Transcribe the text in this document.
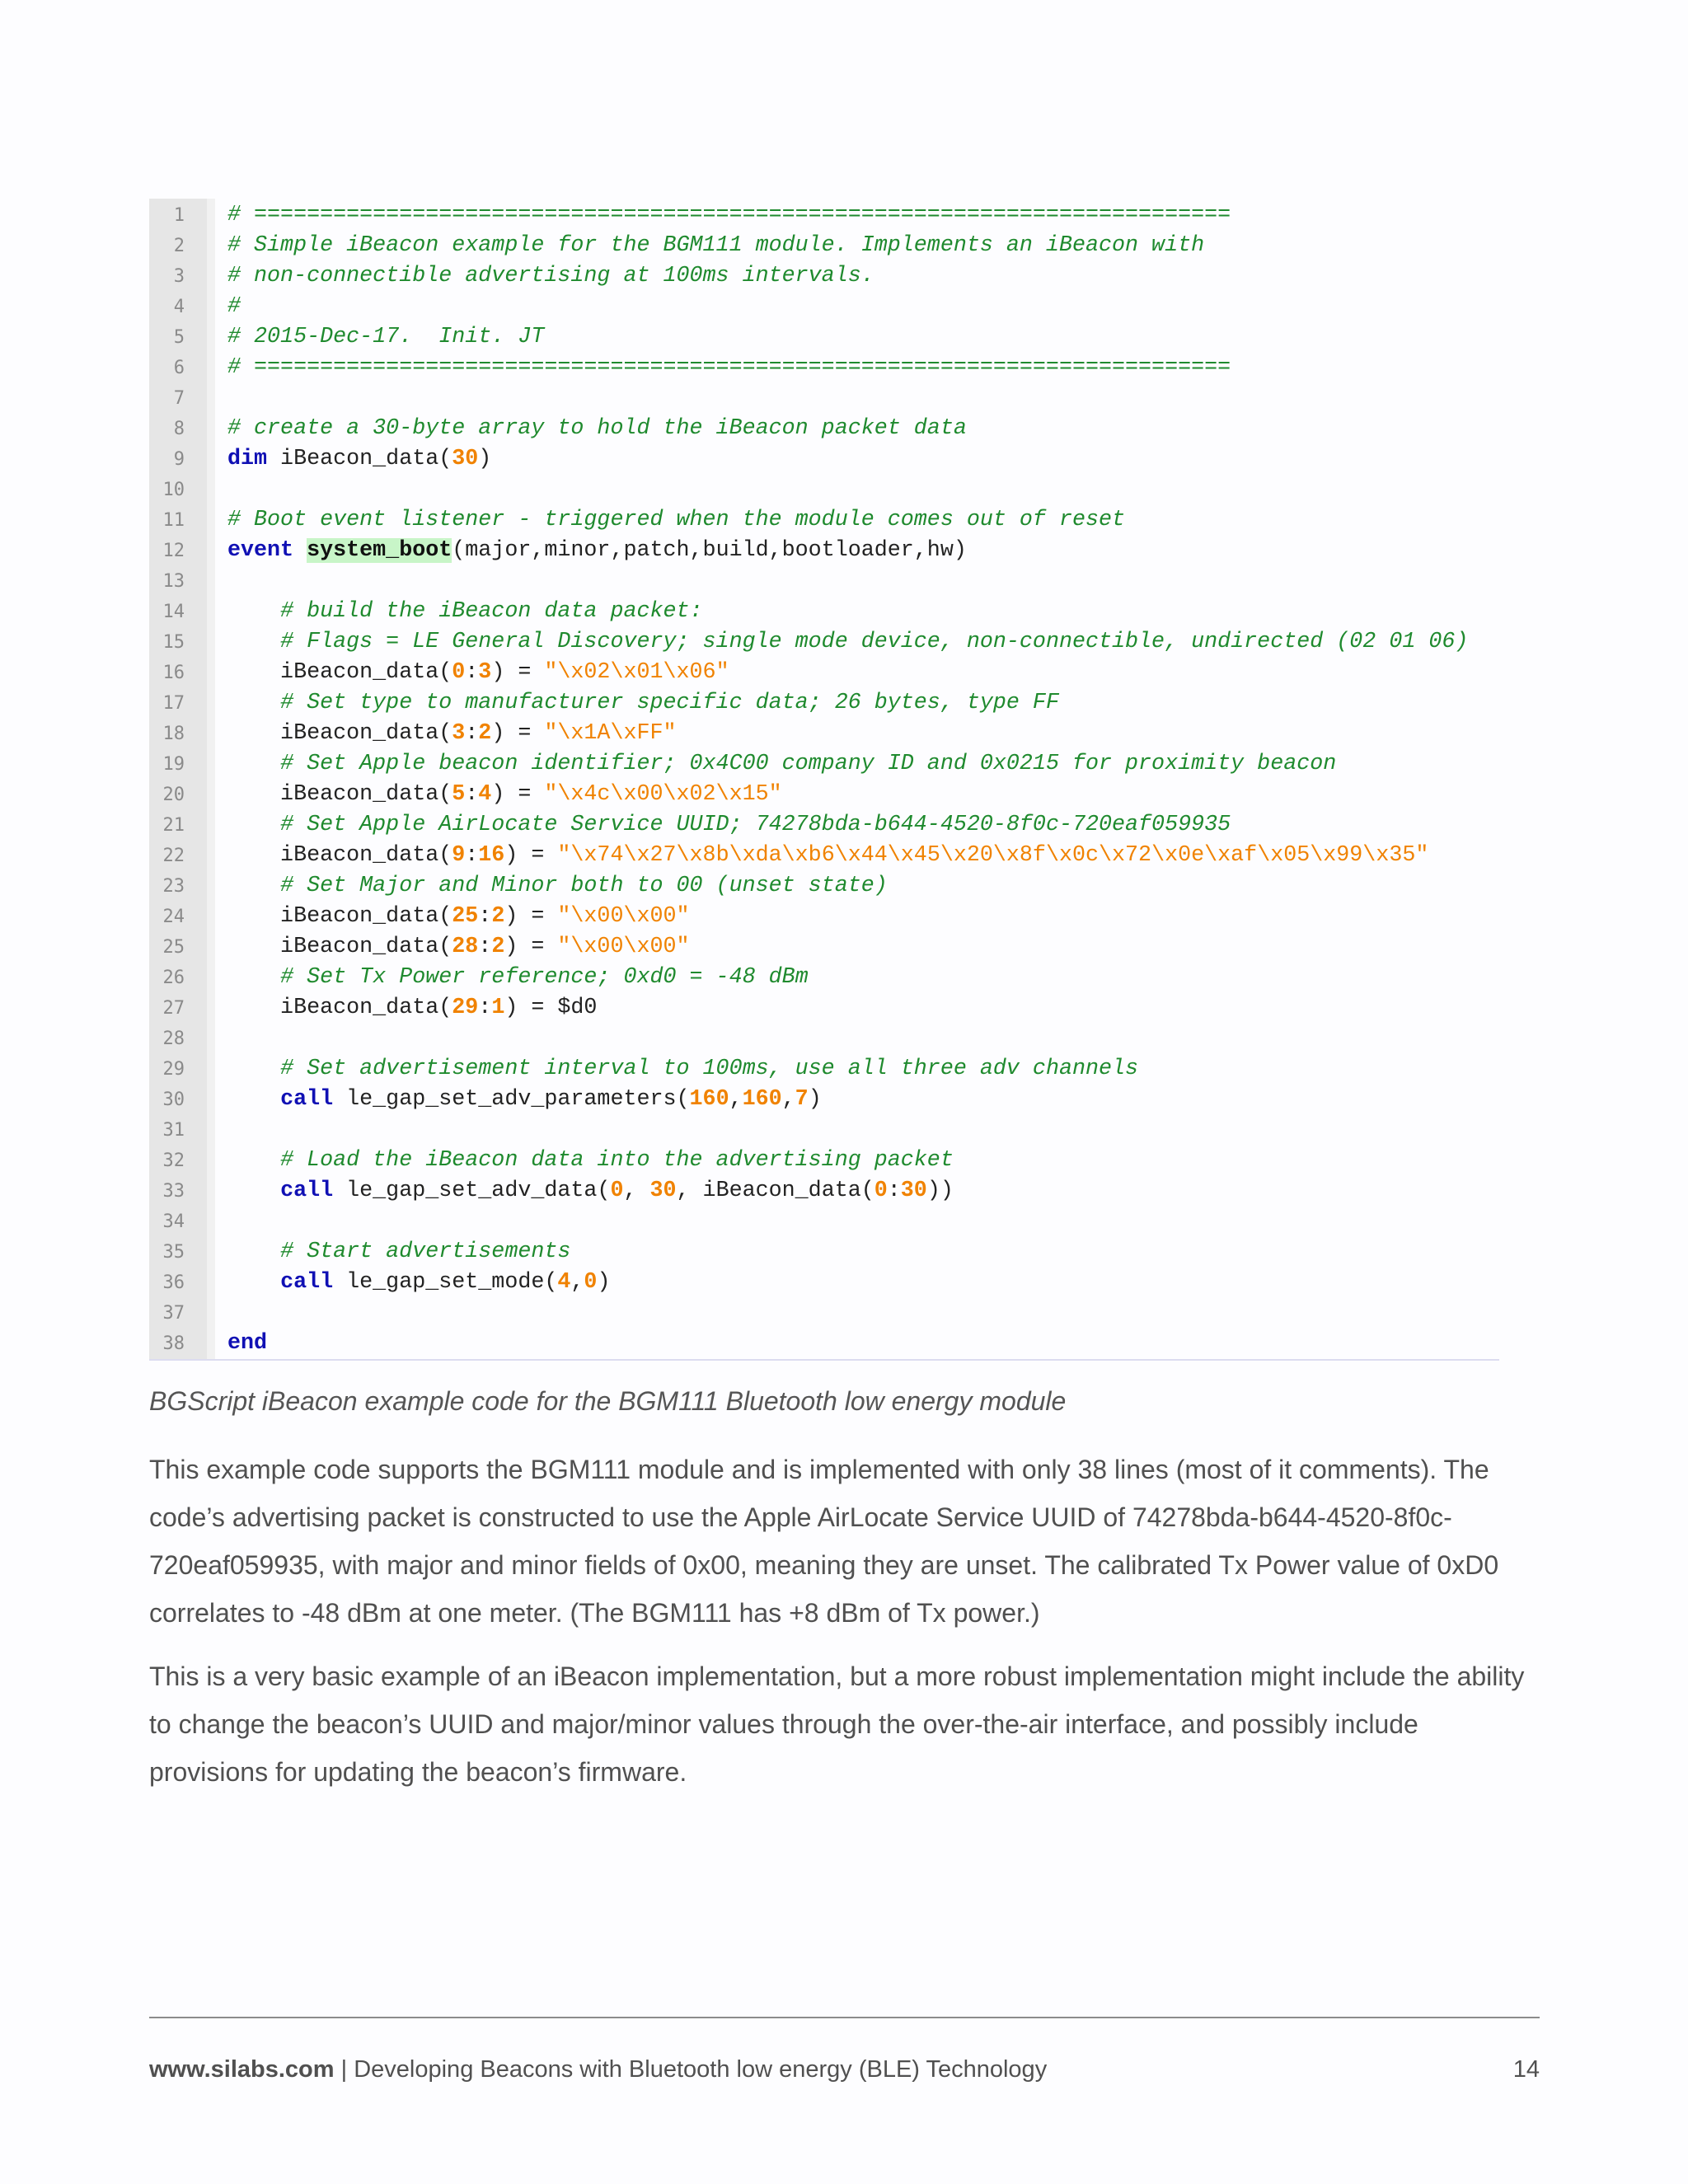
1 # ==========================================================================
2 # Simple iBeacon example for the BGM111 module. Implements an iBeacon with
3 # non-connectible advertising at 100ms intervals.
4 #
5 # 2015-Dec-17.  Init. JT
6 # ==========================================================================
7
8 # create a 30-byte array to hold the iBeacon packet data
9 dim iBeacon_data(30)
10
11 # Boot event listener - triggered when the module comes out of reset
12 event system_boot(major,minor,patch,build,bootloader,hw)
13
14	# build the iBeacon data packet:
15	# Flags = LE General Discovery; single mode device, non-connectible, undirected (02 01 06)
16 iBeacon_data(0:3) = "\x02\x01\x06"
17	# Set type to manufacturer specific data; 26 bytes, type FF
18 iBeacon_data(3:2) = "\x1A\xFF"
19	# Set Apple beacon identifier; 0x4C00 company ID and 0x0215 for proximity beacon
20 iBeacon_data(5:4) = "\x4c\x00\x02\x15"
21	# Set Apple AirLocate Service UUID; 74278bda-b644-4520-8f0c-720eaf059935
22 iBeacon_data(9:16) = "\x74\x27\x8b\xda\xb6\x44\x45\x20\x8f\x0c\x72\x0e\xaf\x05\x99\x35"
23	# Set Major and Minor both to 00 (unset state)
24 iBeacon_data(25:2) = "\x00\x00"
25 iBeacon_data(28:2) = "\x00\x00"
26	# Set Tx Power reference; 0xd0 = -48 dBm
27 iBeacon_data(29:1) = $d0
28
29	# Set advertisement interval to 100ms, use all three adv channels
30	call le_gap_set_adv_parameters(160,160,7)
31
32	# Load the iBeacon data into the advertising packet
33	call le_gap_set_adv_data(0, 30, iBeacon_data(0:30))
34
35	# Start advertisements
36	call le_gap_set_mode(4,0)
37
38 end
BGScript iBeacon example code for the BGM111 Bluetooth low energy module

This example code supports the BGM111 module and is implemented with only 38 lines (most of it comments). The code’s advertising packet is constructed to use the Apple AirLocate Service UUID of 74278bda-b644-4520-8f0c-720eaf059935, with major and minor fields of 0x00, meaning they are unset. The calibrated Tx Power value of 0xD0 correlates to -48 dBm at one meter. (The BGM111 has +8 dBm of Tx power.)

This is a very basic example of an iBeacon implementation, but a more robust implementation might include the ability to change the beacon’s UUID and major/minor values through the over-the-air interface, and possibly include provisions for updating the beacon’s firmware.

www.silabs.com | Developing Beacons with Bluetooth low energy (BLE) Technology	14
